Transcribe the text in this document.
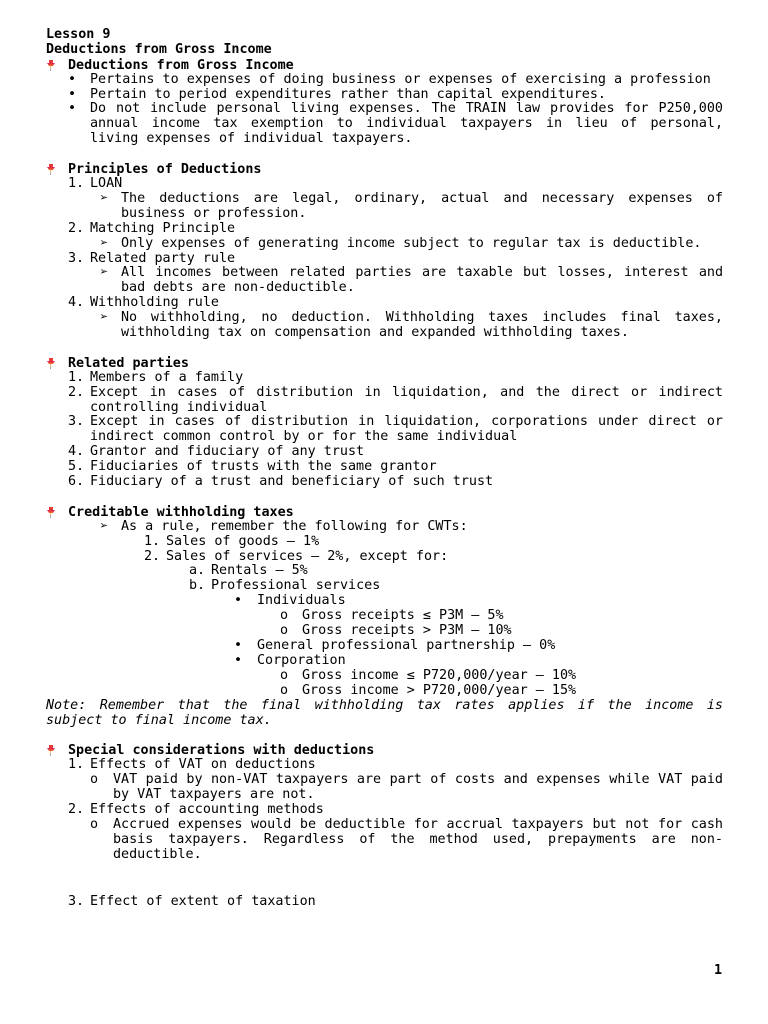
Lesson 9
Deductions from Gross Income
Deductions from Gross Income
•	Pertains to expenses of doing business or expenses of exercising a profession
•	Pertain to period expenditures rather than capital expenditures.
•	Do not include personal living expenses. The TRAIN law provides for P250,000 annual income tax exemption to individual taxpayers in lieu of personal, living expenses of individual taxpayers.
Principles of Deductions
1. LOAN
➢ The deductions are legal, ordinary, actual and necessary expenses of business or profession.
2. Matching Principle
➢ Only expenses of generating income subject to regular tax is deductible.
3. Related party rule
➢ All incomes between related parties are taxable but losses, interest and bad debts are non-deductible.
4. Withholding rule
➢ No withholding, no deduction. Withholding taxes includes final taxes, withholding tax on compensation and expanded withholding taxes.
Related parties
1. Members of a family
2. Except in cases of distribution in liquidation, and the direct or indirect controlling individual
3. Except in cases of distribution in liquidation, corporations under direct or indirect common control by or for the same individual
4. Grantor and fiduciary of any trust
5. Fiduciaries of trusts with the same grantor
6. Fiduciary of a trust and beneficiary of such trust
Creditable withholding taxes
➢ As a rule, remember the following for CWTs:
1. Sales of goods – 1%
2. Sales of services – 2%, except for:
a. Rentals – 5%
b. Professional services
•	Individuals
o	Gross receipts ≤ P3M – 5%
o	Gross receipts > P3M – 10%
•	General professional partnership – 0%
•	Corporation
o	Gross income ≤ P720,000/year – 10%
o	Gross income > P720,000/year – 15%
Note: Remember that the final withholding tax rates applies if the income is subject to final income tax.
Special considerations with deductions
1. Effects of VAT on deductions
o	VAT paid by non-VAT taxpayers are part of costs and expenses while VAT paid by VAT taxpayers are not.
2. Effects of accounting methods
o	Accrued expenses would be deductible for accrual taxpayers but not for cash basis taxpayers. Regardless of the method used, prepayments are non-deductible.
3. Effect of extent of taxation
1
